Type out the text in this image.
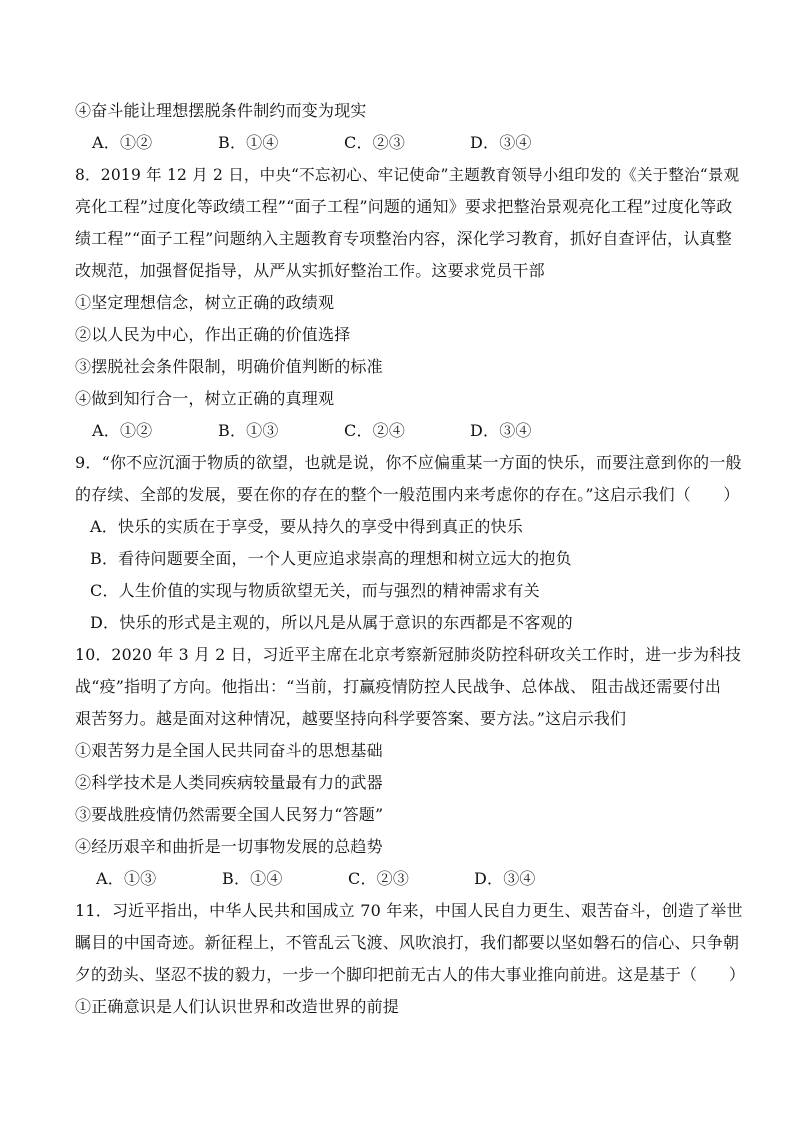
④奋斗能让理想摆脱条件制约而变为现实
A．①②	B．①④	C．②③	D．③④
8．2019 年 12 月 2 日，中央“不忘初心、牢记使命”主题教育领导小组印发的《关于整治“景观
亮化工程”过度化等政绩工程”“面子工程”问题的通知》要求把整治景观亮化工程”过度化等政
绩工程”“面子工程”问题纳入主题教育专项整治内容，深化学习教育，抓好自查评估，认真整
改规范，加强督促指导，从严从实抓好整治工作。这要求党员干部
①坚定理想信念，树立正确的政绩观
②以人民为中心，作出正确的价值选择
③摆脱社会条件限制，明确价值判断的标准
④做到知行合一，树立正确的真理观
A．①②	B．①③	C．②④	D．③④
9．“你不应沉湎于物质的欲望，也就是说，你不应偏重某一方面的快乐，而要注意到你的一般
的存续、全部的发展，要在你的存在的整个一般范围内来考虑你的存在。”这启示我们（　　）
A．快乐的实质在于享受，要从持久的享受中得到真正的快乐
B．看待问题要全面，一个人更应追求崇高的理想和树立远大的抱负
C．人生价值的实现与物质欲望无关，而与强烈的精神需求有关
D．快乐的形式是主观的，所以凡是从属于意识的东西都是不客观的
10．2020 年 3 月 2 日，习近平主席在北京考察新冠肺炎防控科研攻关工作时，进一步为科技
战“疫”指明了方向。他指出：“当前，打赢疫情防控人民战争、总体战、 阻击战还需要付出
艰苦努力。越是面对这种情况，越要坚持向科学要答案、要方法。”这启示我们
①艰苦努力是全国人民共同奋斗的思想基础
②科学技术是人类同疾病较量最有力的武器
③要战胜疫情仍然需要全国人民努力“答题”
④经历艰辛和曲折是一切事物发展的总趋势
A．①③	B．①④	C．②③	D．③④
11．习近平指出，中华人民共和国成立 70 年来，中国人民自力更生、艰苦奋斗，创造了举世
瞩目的中国奇迹。新征程上，不管乱云飞渡、风吹浪打，我们都要以坚如磐石的信心、只争朝
夕的劲头、坚忍不拔的毅力，一步一个脚印把前无古人的伟大事业推向前进。这是基于（　　）
①正确意识是人们认识世界和改造世界的前提
